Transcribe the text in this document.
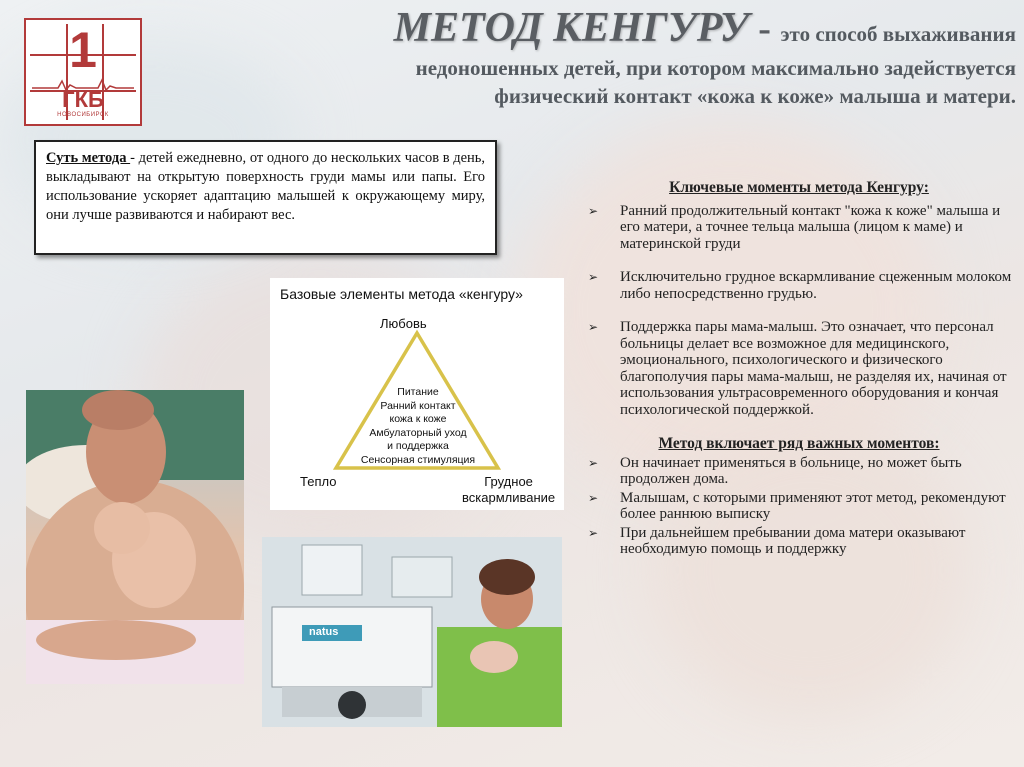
1
ГКБ
НОВОСИБИРСК
МЕТОД КЕНГУРУ - это способ выхаживания
недоношенных детей, при котором максимально задействуется
физический контакт «кожа к коже» малыша и матери.
Суть метода - детей ежедневно, от одного до нескольких часов в день, выкладывают на открытую поверхность груди мамы или папы. Его использование ускоряет адаптацию малышей к окружающему миру, они лучше развиваются и набирают вес.
Базовые элементы метода «кенгуру»
Любовь
Питание
Ранний контакт
кожа к коже
Амбулаторный уход
и поддержка
Сенсорная стимуляция
Тепло	Грудное
вскармливание
natus
Ключевые моменты метода Кенгуру:
➢ Ранний продолжительный контакт "кожа к коже" малыша и его матери, а точнее тельца малыша (лицом к маме) и материнской груди
➢ Исключительно грудное вскармливание сцеженным молоком либо непосредственно грудью.
➢ Поддержка пары мама-малыш. Это означает, что персонал больницы делает все возможное для медицинского, эмоционального, психологического и физического благополучия пары мама-малыш, не разделяя их, начиная от использования ультрасовременного оборудования и кончая психологической поддержкой.
Метод включает ряд важных моментов:
➢ Он начинает применяться в больнице, но может быть продолжен дома.
➢ Малышам, с которыми применяют этот метод, рекомендуют более раннюю выписку
➢ При дальнейшем пребывании дома матери оказывают необходимую помощь и поддержку
